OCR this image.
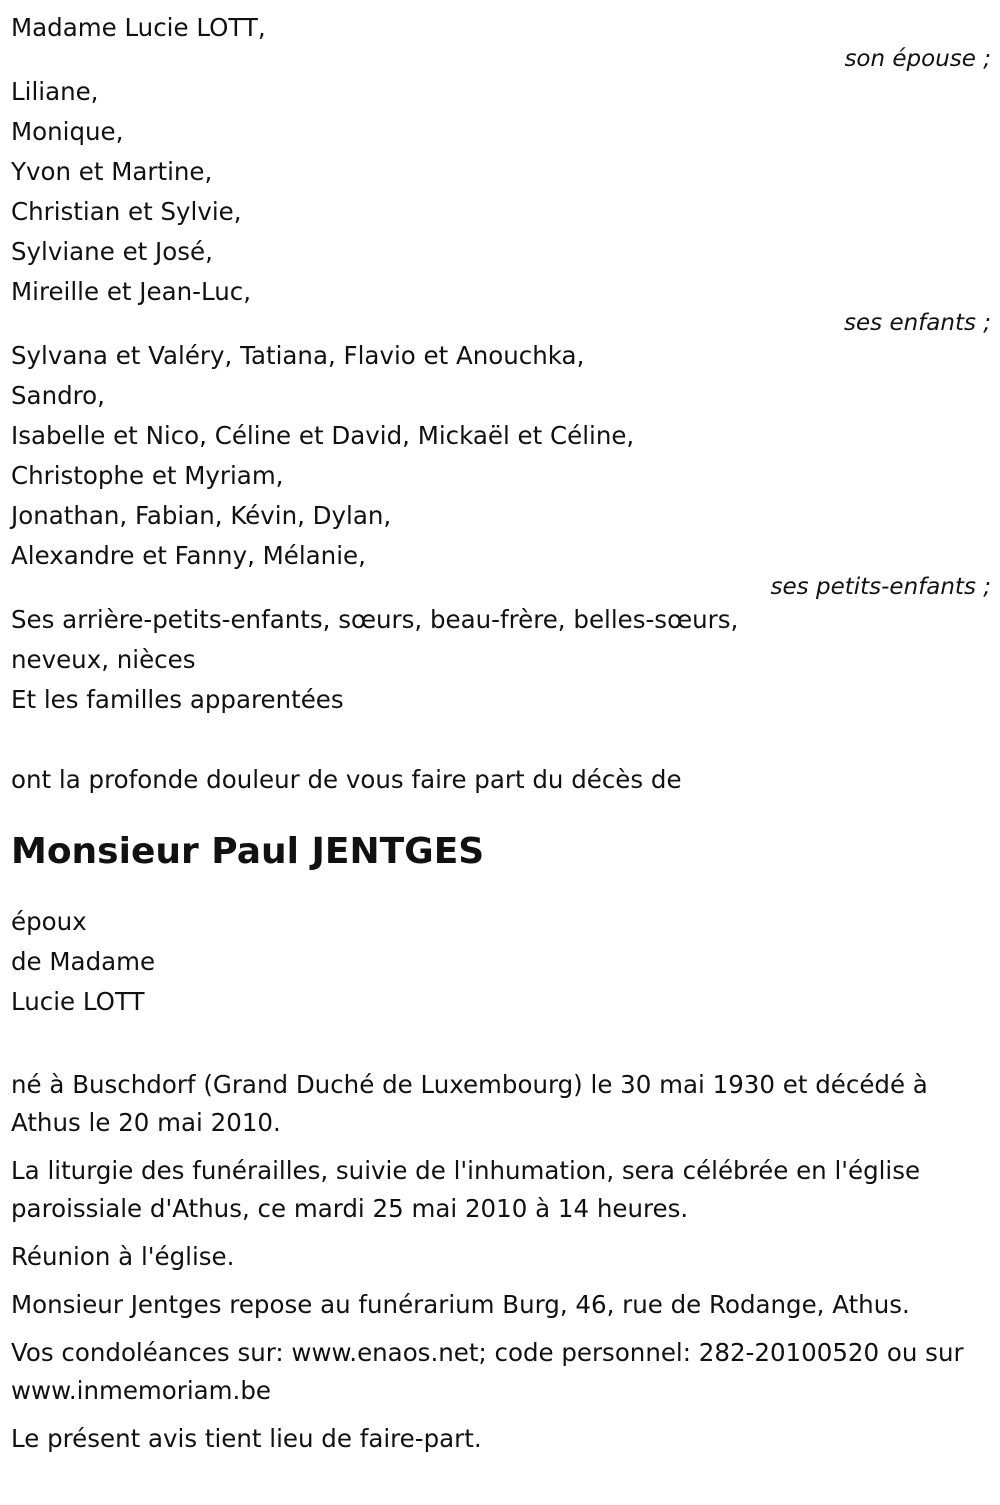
Madame Lucie LOTT,
son épouse ;
Liliane,
Monique,
Yvon et Martine,
Christian et Sylvie,
Sylviane et José,
Mireille et Jean-Luc,
ses enfants ;
Sylvana et Valéry, Tatiana, Flavio et Anouchka,
Sandro,
Isabelle et Nico, Céline et David, Mickaël et Céline,
Christophe et Myriam,
Jonathan, Fabian, Kévin, Dylan,
Alexandre et Fanny, Mélanie,
ses petits-enfants ;
Ses arrière-petits-enfants, sœurs, beau-frère, belles-sœurs,
neveux, nièces
Et les familles apparentées
ont la profonde douleur de vous faire part du décès de
Monsieur Paul JENTGES
époux
de Madame
Lucie LOTT
né à Buschdorf (Grand Duché de Luxembourg) le 30 mai 1930 et décédé à Athus le 20 mai 2010.
La liturgie des funérailles, suivie de l'inhumation, sera célébrée en l'église paroissiale d'Athus, ce mardi 25 mai 2010 à 14 heures.
Réunion à l'église.
Monsieur Jentges repose au funérarium Burg, 46, rue de Rodange, Athus.
Vos condoléances sur: www.enaos.net; code personnel: 282-20100520 ou sur www.inmemoriam.be
Le présent avis tient lieu de faire-part.
